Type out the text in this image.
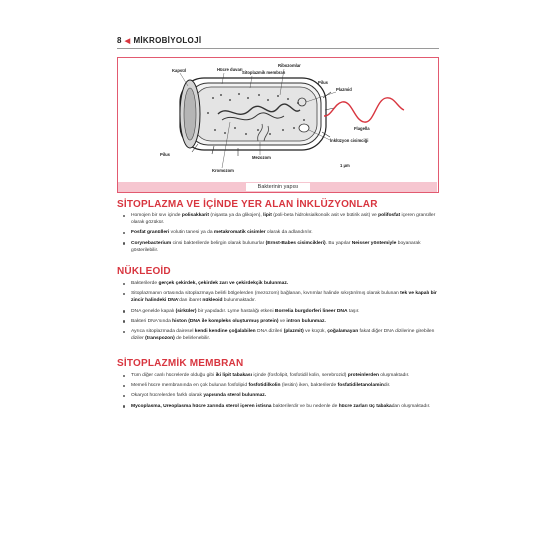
8 ◀ MİKROBİYOLOJİ
Kapsül	Hücre duvarı
Sitoplazmik membran
Ribozomlar
Pilus
Plazmid
Flagella
İnklüzyon cisimciği
Pilus
Mezozom
Kromozom
1 μm
Bakterinin yapısı
SİTOPLAZMA VE İÇİNDE YER ALAN İNKLÜZYONLAR
Homojen bir sıvı içinde polisakkarit (nişasta ya da glikojen), lipit (poli-beta hidroksialkonoik asit ve bütirik asit) ve polifosfat içeren granüller olarak gözükür.
Fosfat granülleri volutin tanesi ya da metakromatik cisimler olarak da adlandırılır.
Corynebacterium cinsi bakterilerde belirgin olarak bulunurlar (Ernst-Babes cisimcikleri). Bu yapılar Neisser yöntemiyle boyanarak gösterilebilir.
NÜKLEOİD
Bakterilerde gerçek çekirdek, çekirdek zarı ve çekirdekçik bulunmaz.
Sitoplazmanın ortasında sitoplazmaya belirli bölgelerden (mezozom) bağlanan, kıvrımlar halinde sıkıştırılmış olarak bulunan tek ve kapalı bir zincir halindeki DNA'dan ibaret nükleoid bulunmaktadır.
DNA genelde kapalı (sirküler) bir yapıdadır. Lyme hastalığı etkeni Borrelia burgdorferi lineer DNA taşır.
Bakteri DNA'sında histon (DNA ile kompleks oluşturmuş protein) ve intron bulunmaz.
Ayrıca sitoplazmada dairesel kendi kendine çoğalabilen DNA dizileri (plazmit) ve küçük, çoğalamayan fakat diğer DNA dizilerine girebilen diziler (transpozon) de belirlenebilir.
SİTOPLAZMİK MEMBRAN
Tüm diğer canlı hücrelerde olduğu gibi iki lipit tabakası içinde (fosfolipit, fosfotidil kolin, serebrozid) proteinlerden oluşmaktadır.
Memeli hücre membranında en çok bulunan fosfolipid fosfotidilkolin (lesitin) iken, bakterilerde fosfatidiletanolamindir.
Okaryot hücrelerden farklı olarak yapısında sterol bulunmaz.
Mycoplasma, Ureoplasma hücre zarında sterol içeren istisna bakterilerdir ve bu nedenle de hücre zarları üç tabakadan oluşmaktadır.
